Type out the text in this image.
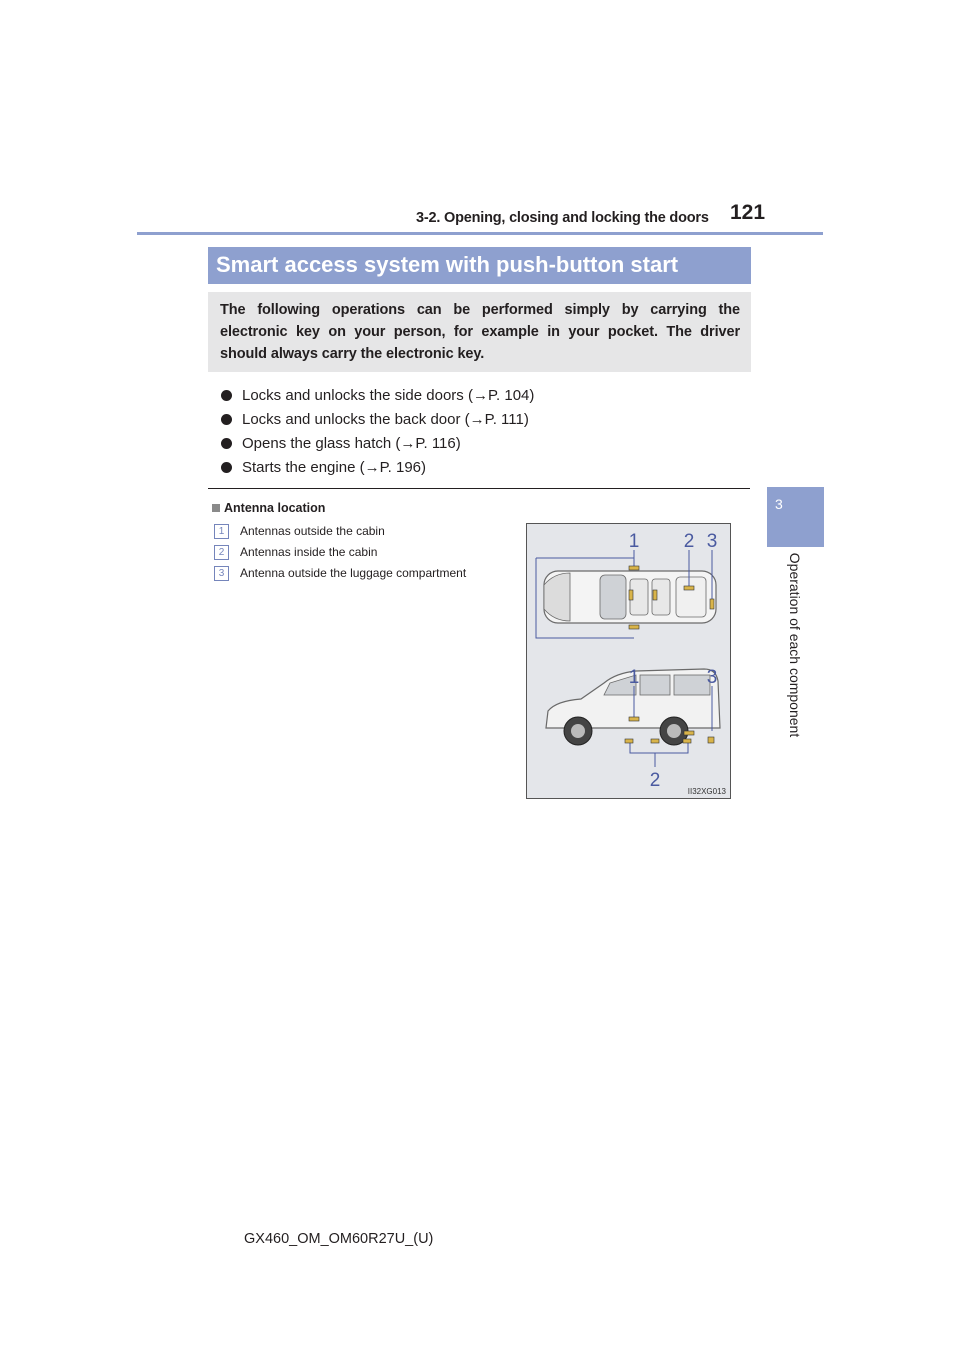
3-2. Opening, closing and locking the doors 121
3
Operation of each component
Smart access system with push-button start
The following operations can be performed simply by carrying the electronic key on your person, for example in your pocket. The driver should always carry the electronic key.
Locks and unlocks the side doors (→P. 104)
Locks and unlocks the back door (→P. 111)
Opens the glass hatch (→P. 116)
Starts the engine (→P. 196)
Antenna location
1	Antennas outside the cabin
2	Antennas inside the cabin
3	Antenna outside the luggage compartment
1 2 3
1	3
2
II32XG013
GX460_OM_OM60R27U_(U)
